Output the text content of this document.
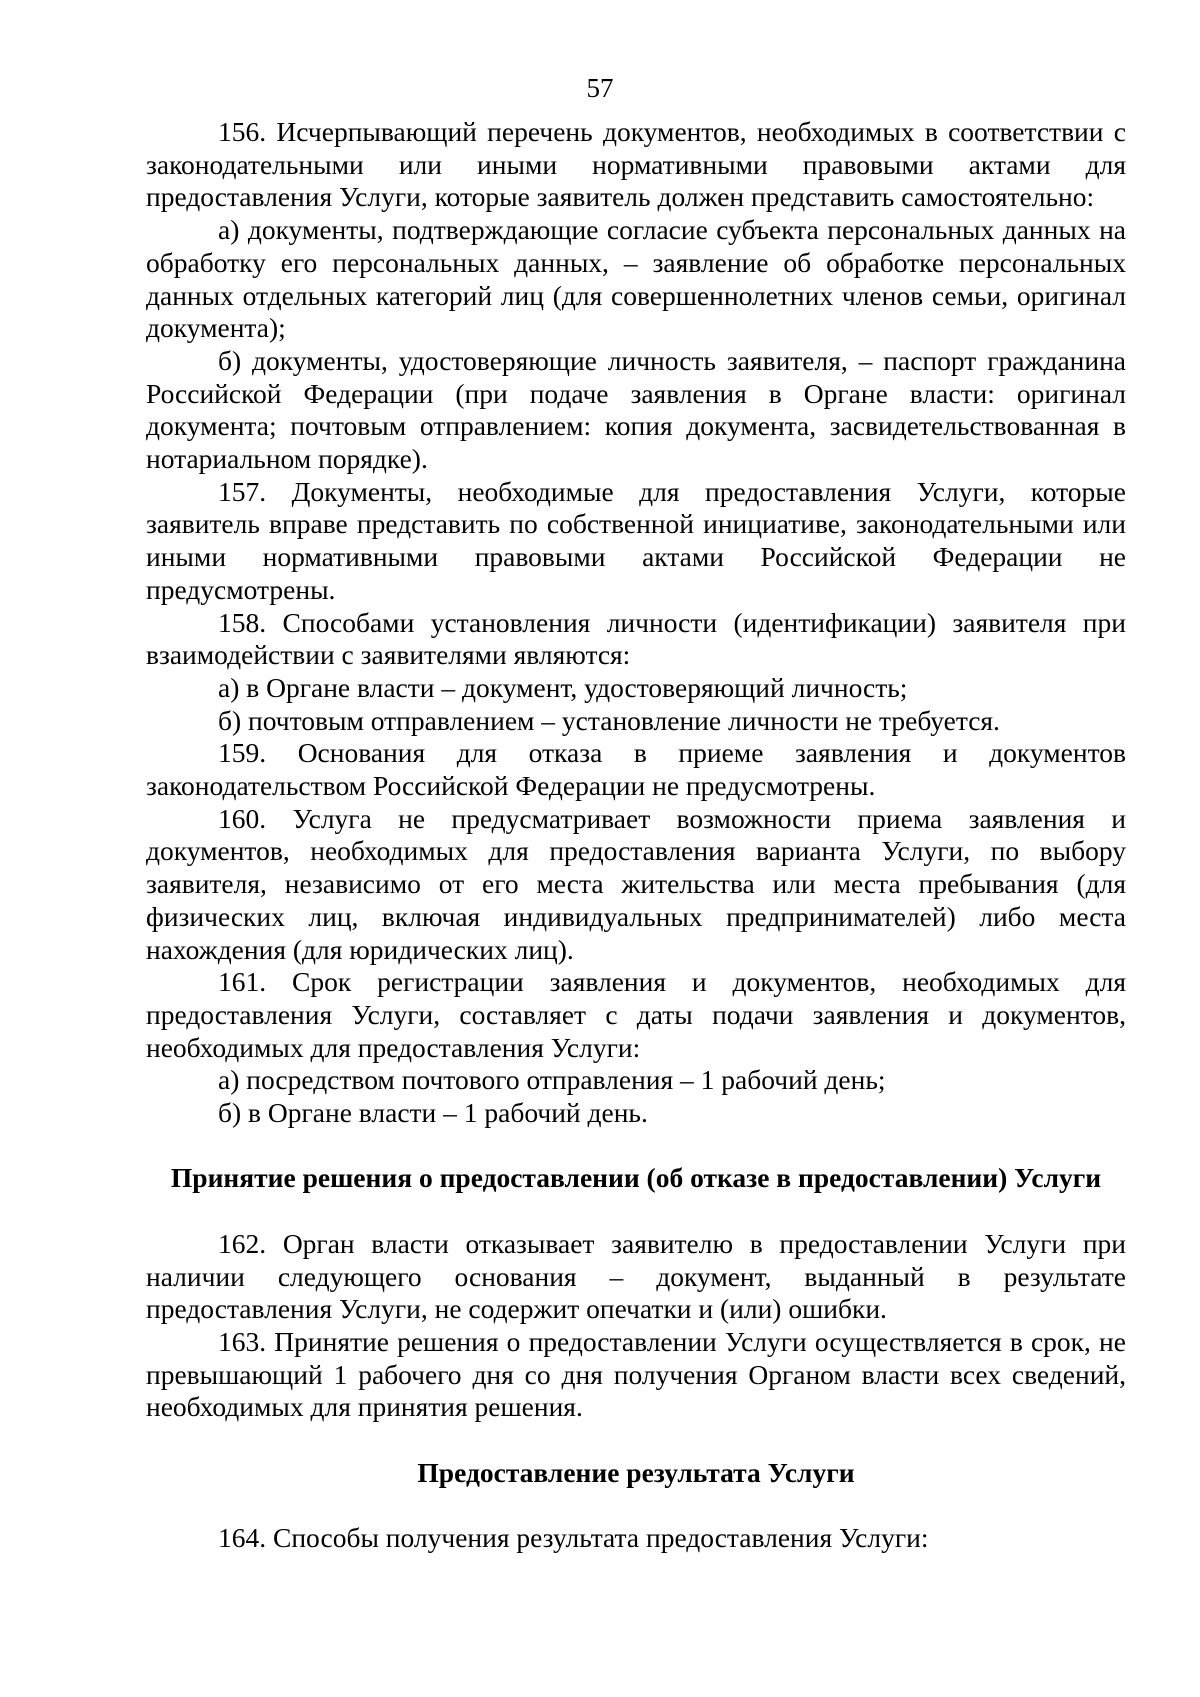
57

156. Исчерпывающий перечень документов, необходимых в соответствии с законодательными или иными нормативными правовыми актами для предоставления Услуги, которые заявитель должен представить самостоятельно:

а) документы, подтверждающие согласие субъекта персональных данных на обработку его персональных данных, – заявление об обработке персональных данных отдельных категорий лиц (для совершеннолетних членов семьи, оригинал документа);

б) документы, удостоверяющие личность заявителя, – паспорт гражданина Российской Федерации (при подаче заявления в Органе власти: оригинал документа; почтовым отправлением: копия документа, засвидетельствованная в нотариальном порядке).

157. Документы, необходимые для предоставления Услуги, которые заявитель вправе представить по собственной инициативе, законодательными или иными нормативными правовыми актами Российской Федерации не предусмотрены.

158. Способами установления личности (идентификации) заявителя при взаимодействии с заявителями являются:

а) в Органе власти – документ, удостоверяющий личность;

б) почтовым отправлением – установление личности не требуется.

159. Основания для отказа в приеме заявления и документов законодательством Российской Федерации не предусмотрены.

160. Услуга не предусматривает возможности приема заявления и документов, необходимых для предоставления варианта Услуги, по выбору заявителя, независимо от его места жительства или места пребывания (для физических лиц, включая индивидуальных предпринимателей) либо места нахождения (для юридических лиц).

161. Срок регистрации заявления и документов, необходимых для предоставления Услуги, составляет с даты подачи заявления и документов, необходимых для предоставления Услуги:

а) посредством почтового отправления – 1 рабочий день;

б) в Органе власти – 1 рабочий день.

Принятие решения о предоставлении (об отказе в предоставлении) Услуги

162. Орган власти отказывает заявителю в предоставлении Услуги при наличии следующего основания – документ, выданный в результате предоставления Услуги, не содержит опечатки и (или) ошибки.

163. Принятие решения о предоставлении Услуги осуществляется в срок, не превышающий 1 рабочего дня со дня получения Органом власти всех сведений, необходимых для принятия решения.

Предоставление результата Услуги

164. Способы получения результата предоставления Услуги:
